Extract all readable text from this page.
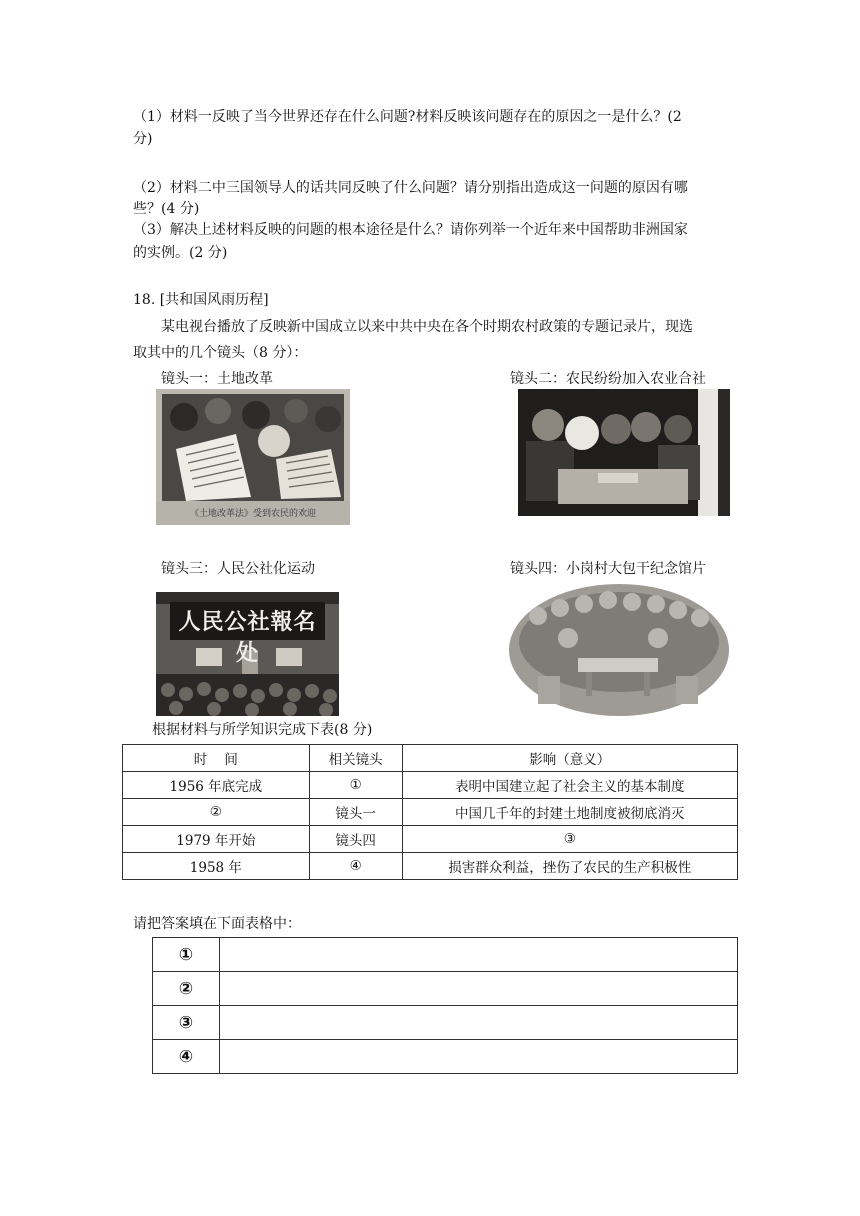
（1）材料一反映了当今世界还存在什么问题?材料反映该问题存在的原因之一是什么？(2
分)
（2）材料二中三国领导人的话共同反映了什么问题？请分别指出造成这一问题的原因有哪
些？(4 分)
（3）解决上述材料反映的问题的根本途径是什么？请你列举一个近年来中国帮助非洲国家
的实例。(2 分)
18. [共和国风雨历程]
某电视台播放了反映新中国成立以来中共中央在各个时期农村政策的专题记录片，现选
取其中的几个镜头（8 分）：
镜头一：土地改革	镜头二：农民纷纷加入农业合社
镜头三：人民公社化运动	镜头四：小岗村大包干纪念馆片
《土地改革法》受到农民的欢迎
人民公社報名处
根据材料与所学知识完成下表(8 分)
时    间	相关镜头	影响（意义）
1956 年底完成	①	表明中国建立起了社会主义的基本制度
②	镜头一	中国几千年的封建土地制度被彻底消灭
1979 年开始	镜头四	③
1958 年	④	损害群众利益，挫伤了农民的生产积极性
请把答案填在下面表格中：
①	
②	
③	
④	
